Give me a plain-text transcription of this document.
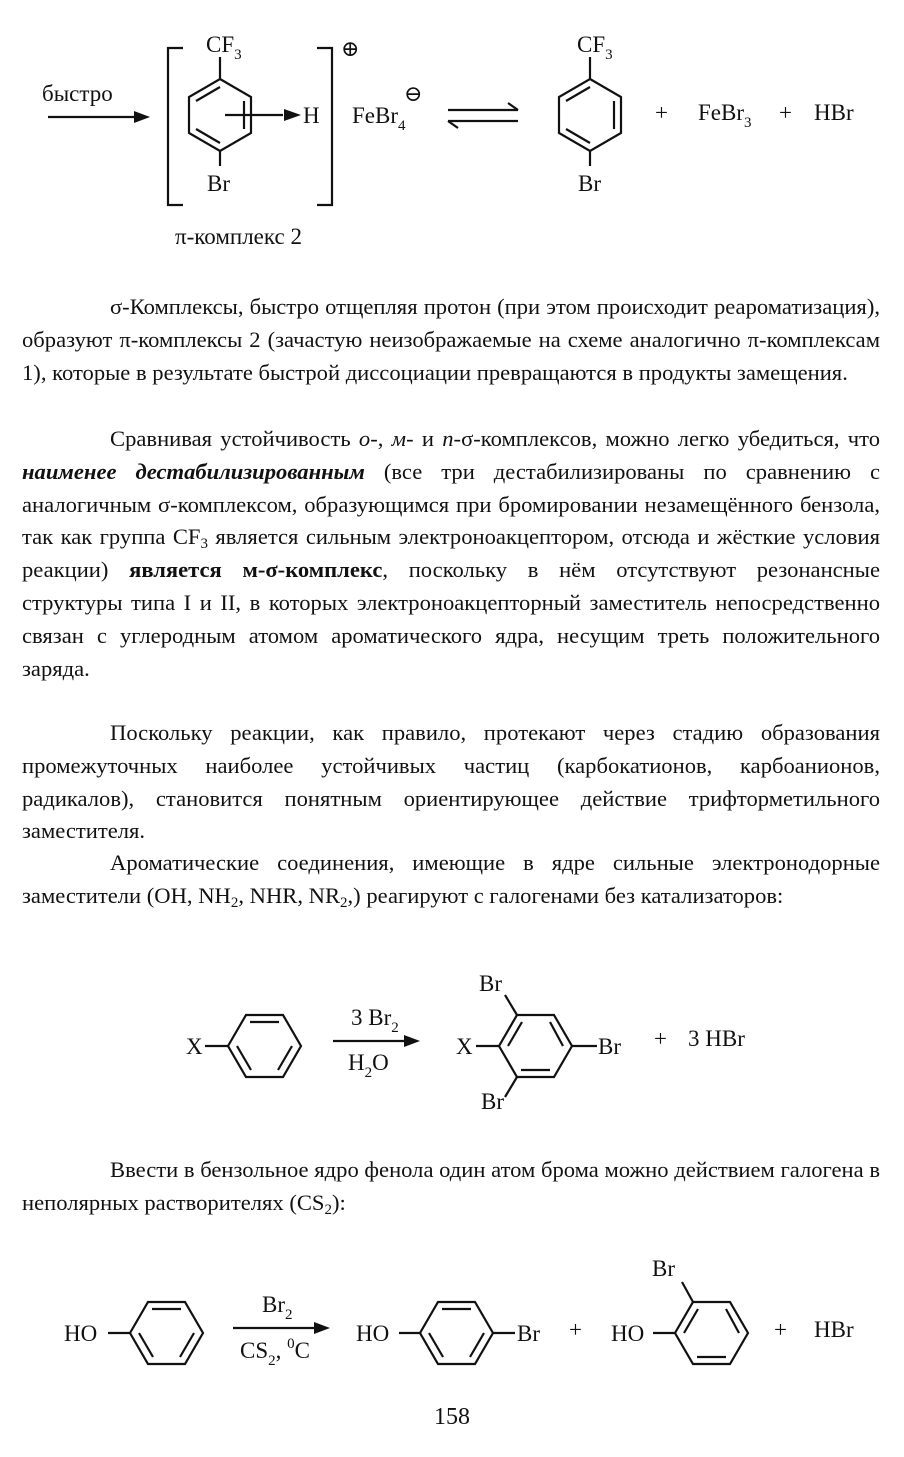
быстро
⊕
$CF_3$
Br
H FeBr$_4$
⊖
$CF_3$
Br
+ FeBr$_3$ + HBr
π-комплекс 2

σ-Комплексы, быстро отщепляя протон (при этом происходит реароматизация), образуют π-комплексы 2 (зачастую неизображаемые на схеме аналогично π-комплексам 1), которые в результате быстрой диссоциации превращаются в продукты замещения.

Сравнивая устойчивость о-, м- и п-σ-комплексов, можно легко убедиться, что наименее дестабилизированным (все три дестабилизированы по сравнению с аналогичным σ-комплексом, образующимся при бромировании незамещённого бензола, так как группа $CF_3$ является сильным электроноакцептором, отсюда и жёсткие условия реакции) является м-σ-комплекс, поскольку в нём отсутствуют резонансные структуры типа I и II, в которых электроноакцепторный заместитель непосредственно связан с углеродным атомом ароматического ядра, несущим треть положительного заряда.

Поскольку реакции, как правило, протекают через стадию образования промежуточных наиболее устойчивых частиц (карбокатионов, карбоанионов, радикалов), становится понятным ориентирующее действие трифторметильного заместителя.

Ароматические соединения, имеющие в ядре сильные электронодорные заместители (OH, $NH_2$, NHR, $NR_2$,) реагируют с галогенами без катализаторов:

X
3 $Br_2$
$H_2O$
X
Br
Br
Br
+ 3 HBr

Ввести в бензольное ядро фенола один атом брома можно действием галогена в неполярных растворителях $(CS_2)$:

HO
$Br_2$
$CS_2$, $^0$C
HO	Br + HO
Br
+ HBr
158
